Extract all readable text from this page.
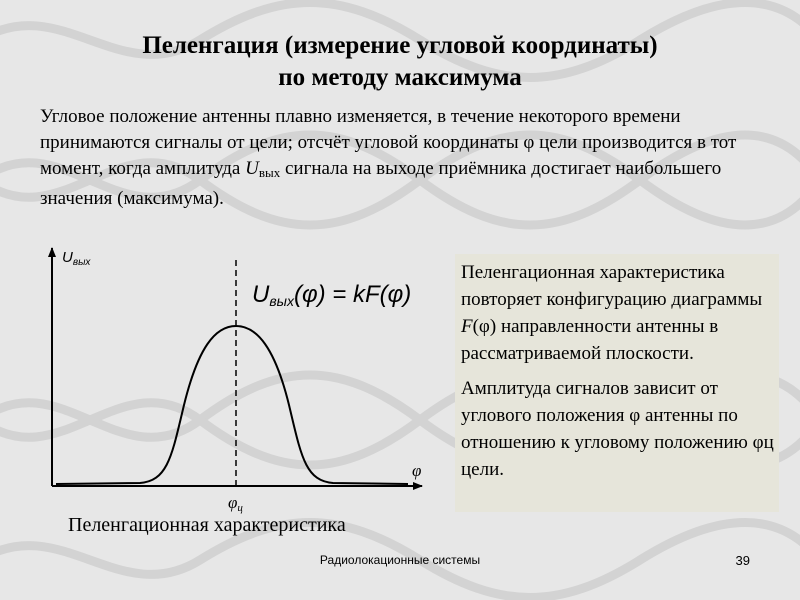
Пеленгация (измерение угловой координаты)
по методу максимума
Угловое положение антенны плавно изменяется, в течение некоторого времени принимаются сигналы от цели; отсчёт угловой координаты φ цели производится в тот момент, когда амплитуда Uвых сигнала на выходе приёмника достигает наибольшего значения (максимума).
$U_{вых}$
φ
φц
Uвых(φ) = kF(φ)

Пеленгационная характеристика повторяет конфигурацию диаграммы F(φ) направленности антенны в рассматриваемой плоскости.

Амплитуда сигналов зависит от углового положения φ антенны по отношению к угловому положению φц цели.

Пеленгационная характеристика
Радиолокационные системы	39
